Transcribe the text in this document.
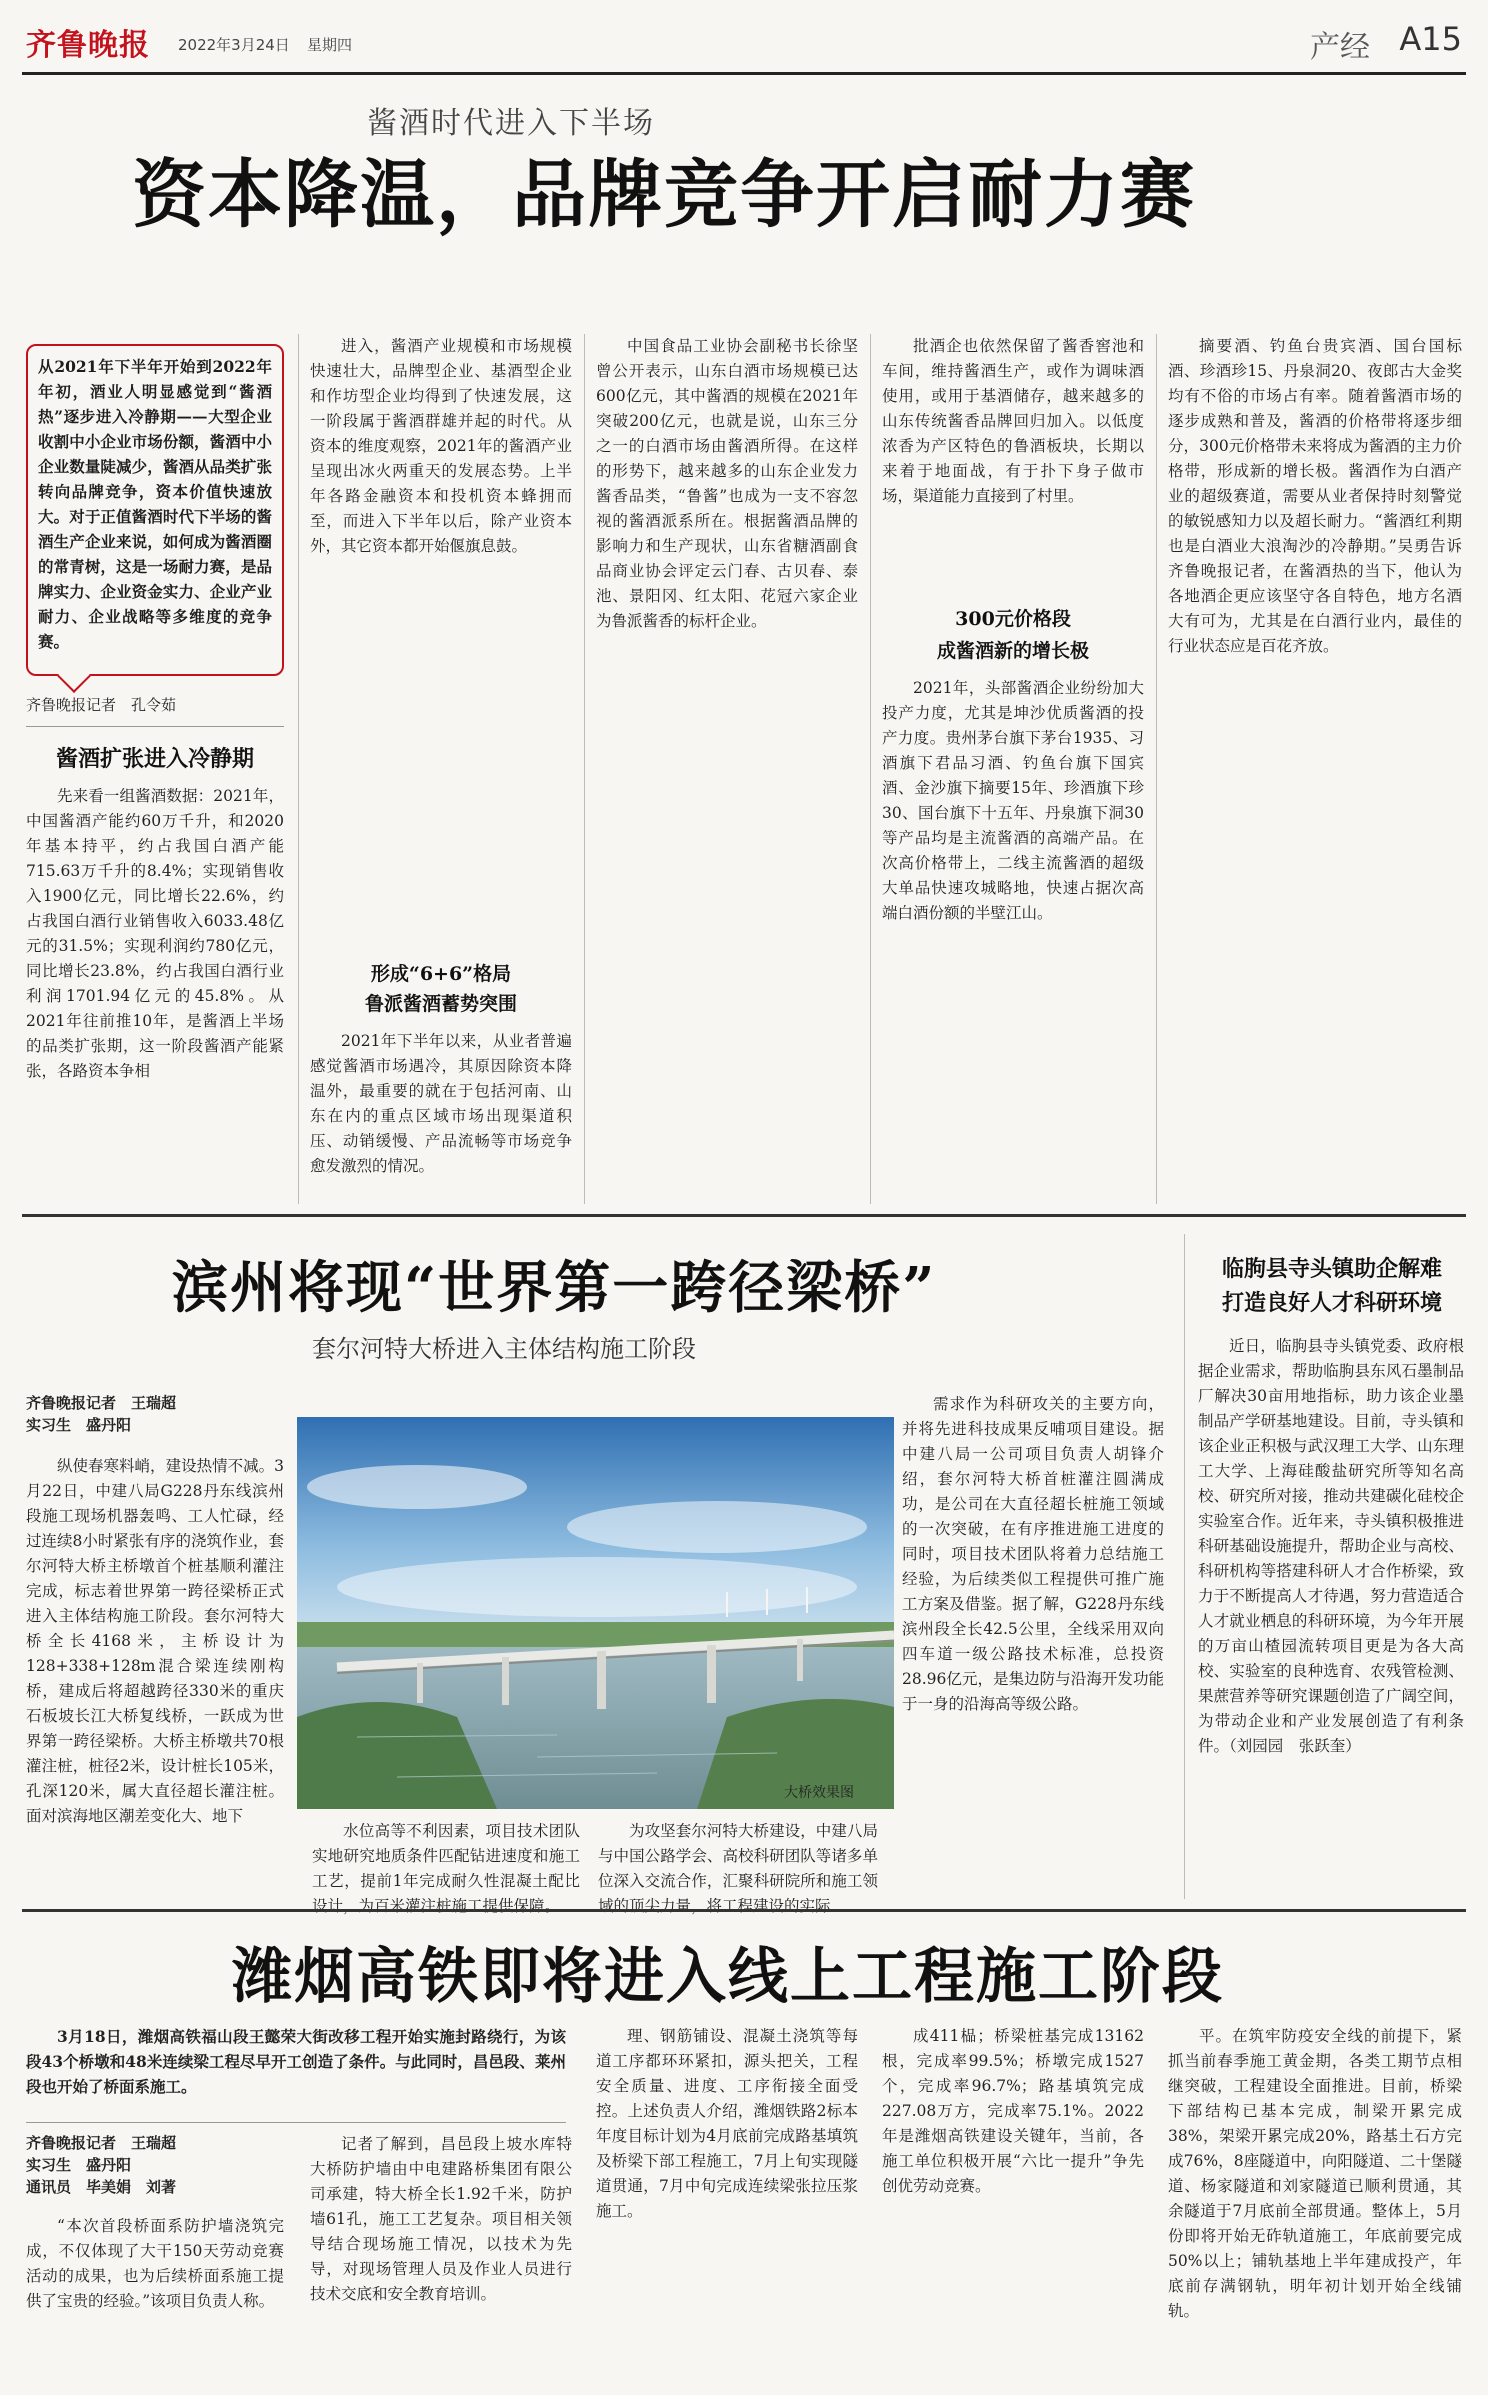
齐鲁晚报 2022年3月24日 星期四	产经 A15
酱酒时代进入下半场
资本降温，品牌竞争开启耐力赛
从2021年下半年开始到2022年年初，酒业人明显感觉到“酱酒热”逐步进入冷静期——大型企业收割中小企业市场份额，酱酒中小企业数量陡减少，酱酒从品类扩张转向品牌竞争，资本价值快速放大。对于正值酱酒时代下半场的酱酒生产企业来说，如何成为酱酒圈的常青树，这是一场耐力赛，是品牌实力、企业资金实力、企业产业耐力、企业战略等多维度的竞争赛。
齐鲁晚报记者　孔令茹
酱酒扩张进入冷静期

先来看一组酱酒数据：2021年，中国酱酒产能约60万千升，和2020年基本持平，约占我国白酒产能715.63万千升的8.4%；实现销售收入1900亿元，同比增长22.6%，约占我国白酒行业销售收入6033.48亿元的31.5%；实现利润约780亿元，同比增长23.8%，约占我国白酒行业利润1701.94亿元的45.8%。从2021年往前推10年，是酱酒上半场的品类扩张期，这一阶段酱酒产能紧张，各路资本争相

进入，酱酒产业规模和市场规模快速壮大，品牌型企业、基酒型企业和作坊型企业均得到了快速发展，这一阶段属于酱酒群雄并起的时代。从资本的维度观察，2021年的酱酒产业呈现出冰火两重天的发展态势。上半年各路金融资本和投机资本蜂拥而至，而进入下半年以后，除产业资本外，其它资本都开始偃旗息鼓。

形成“6+6”格局
鲁派酱酒蓄势突围

2021年下半年以来，从业者普遍感觉酱酒市场遇冷，其原因除资本降温外，最重要的就在于包括河南、山东在内的重点区域市场出现渠道积压、动销缓慢、产品流畅等市场竞争愈发激烈的情况。

中国食品工业协会副秘书长徐坚曾公开表示，山东白酒市场规模已达600亿元，其中酱酒的规模在2021年突破200亿元，也就是说，山东三分之一的白酒市场由酱酒所得。在这样的形势下，越来越多的山东企业发力酱香品类，“鲁酱”也成为一支不容忽视的酱酒派系所在。根据酱酒品牌的影响力和生产现状，山东省糖酒副食品商业协会评定云门春、古贝春、泰池、景阳冈、红太阳、花冠六家企业为鲁派酱香的标杆企业。

批酒企也依然保留了酱香窖池和车间，维持酱酒生产，或作为调味酒使用，或用于基酒储存，越来越多的山东传统酱香品牌回归加入。以低度浓香为产区特色的鲁酒板块，长期以来着于地面战，有于扑下身子做市场，渠道能力直接到了村里。

300元价格段
成酱酒新的增长极

2021年，头部酱酒企业纷纷加大投产力度，尤其是坤沙优质酱酒的投产力度。贵州茅台旗下茅台1935、习酒旗下君品习酒、钓鱼台旗下国宾酒、金沙旗下摘要15年、珍酒旗下珍30、国台旗下十五年、丹泉旗下洞30等产品均是主流酱酒的高端产品。在次高价格带上，二线主流酱酒的超级大单品快速攻城略地，快速占据次高端白酒份额的半壁江山。

摘要酒、钓鱼台贵宾酒、国台国标酒、珍酒珍15、丹泉洞20、夜郎古大金奖均有不俗的市场占有率。随着酱酒市场的逐步成熟和普及，酱酒的价格带将逐步细分，300元价格带未来将成为酱酒的主力价格带，形成新的增长极。酱酒作为白酒产业的超级赛道，需要从业者保持时刻警觉的敏锐感知力以及超长耐力。“酱酒红利期也是白酒业大浪淘沙的冷静期。”吴勇告诉齐鲁晚报记者，在酱酒热的当下，他认为各地酒企更应该坚守各自特色，地方名酒大有可为，尤其是在白酒行业内，最佳的行业状态应是百花齐放。

滨州将现“世界第一跨径梁桥”
套尔河特大桥进入主体结构施工阶段
齐鲁晚报记者　王瑞超
实习生　盛丹阳

纵使春寒料峭，建设热情不减。3月22日，中建八局G228丹东线滨州段施工现场机器轰鸣、工人忙碌，经过连续8小时紧张有序的浇筑作业，套尔河特大桥主桥墩首个桩基顺利灌注完成，标志着世界第一跨径梁桥正式进入主体结构施工阶段。套尔河特大桥全长4168米，主桥设计为128+338+128m混合梁连续刚构桥，建成后将超越跨径330米的重庆石板坡长江大桥复线桥，一跃成为世界第一跨径梁桥。大桥主桥墩共70根灌注桩，桩径2米，设计桩长105米，孔深120米，属大直径超长灌注桩。面对滨海地区潮差变化大、地下

大桥效果图

水位高等不利因素，项目技术团队实地研究地质条件匹配钻进速度和施工工艺，提前1年完成耐久性混凝土配比设计，为百米灌注桩施工提供保障。

为攻坚套尔河特大桥建设，中建八局与中国公路学会、高校科研团队等诸多单位深入交流合作，汇聚科研院所和施工领域的顶尖力量，将工程建设的实际

需求作为科研攻关的主要方向，并将先进科技成果反哺项目建设。据中建八局一公司项目负责人胡锋介绍，套尔河特大桥首桩灌注圆满成功，是公司在大直径超长桩施工领域的一次突破，在有序推进施工进度的同时，项目技术团队将着力总结施工经验，为后续类似工程提供可推广施工方案及借鉴。据了解，G228丹东线滨州段全长42.5公里，全线采用双向四车道一级公路技术标准，总投资28.96亿元，是集边防与沿海开发功能于一身的沿海高等级公路。

临朐县寺头镇助企解难
打造良好人才科研环境

近日，临朐县寺头镇党委、政府根据企业需求，帮助临朐县东风石墨制品厂解决30亩用地指标，助力该企业墨制品产学研基地建设。目前，寺头镇和该企业正积极与武汉理工大学、山东理工大学、上海硅酸盐研究所等知名高校、研究所对接，推动共建碳化硅校企实验室合作。近年来，寺头镇积极推进科研基础设施提升，帮助企业与高校、科研机构等搭建科研人才合作桥梁，致力于不断提高人才待遇，努力营造适合人才就业栖息的科研环境，为今年开展的万亩山楂园流转项目更是为各大高校、实验室的良种选育、农残管检测、果蔗营养等研究课题创造了广阔空间，为带动企业和产业发展创造了有利条件。（刘园园　张跃奎）

潍烟高铁即将进入线上工程施工阶段

3月18日，潍烟高铁福山段王懿荣大街改移工程开始实施封路绕行，为该段43个桥墩和48米连续梁工程尽早开工创造了条件。与此同时，昌邑段、莱州段也开始了桥面系施工。

齐鲁晚报记者　王瑞超
实习生　盛丹阳
通讯员　毕美娟　刘著

“本次首段桥面系防护墙浇筑完成，不仅体现了大干150天劳动竞赛活动的成果，也为后续桥面系施工提供了宝贵的经验。”该项目负责人称。

记者了解到，昌邑段上坡水库特大桥防护墙由中电建路桥集团有限公司承建，特大桥全长1.92千米，防护墙61孔，施工工艺复杂。项目相关领导结合现场施工情况，以技术为先导，对现场管理人员及作业人员进行技术交底和安全教育培训。

理、钢筋铺设、混凝土浇筑等每道工序都环环紧扣，源头把关，工程安全质量、进度、工序衔接全面受控。上述负责人介绍，潍烟铁路2标本年度目标计划为4月底前完成路基填筑及桥梁下部工程施工，7月上旬实现隧道贯通，7月中旬完成连续梁张拉压浆施工。

成411榀；桥梁桩基完成13162根，完成率99.5%；桥墩完成1527个，完成率96.7%；路基填筑完成227.08万方，完成率75.1%。2022年是潍烟高铁建设关键年，当前，各施工单位积极开展“六比一提升”争先创优劳动竞赛。

平。在筑牢防疫安全线的前提下，紧抓当前春季施工黄金期，各类工期节点相继突破，工程建设全面推进。目前，桥梁下部结构已基本完成，制梁开累完成38%，架梁开累完成20%，路基土石方完成76%，8座隧道中，向阳隧道、二十堡隧道、杨家隧道和刘家隧道已顺利贯通，其余隧道于7月底前全部贯通。整体上，5月份即将开始无砟轨道施工，年底前要完成50%以上；铺轨基地上半年建成投产，年底前存满钢轨，明年初计划开始全线铺轨。
